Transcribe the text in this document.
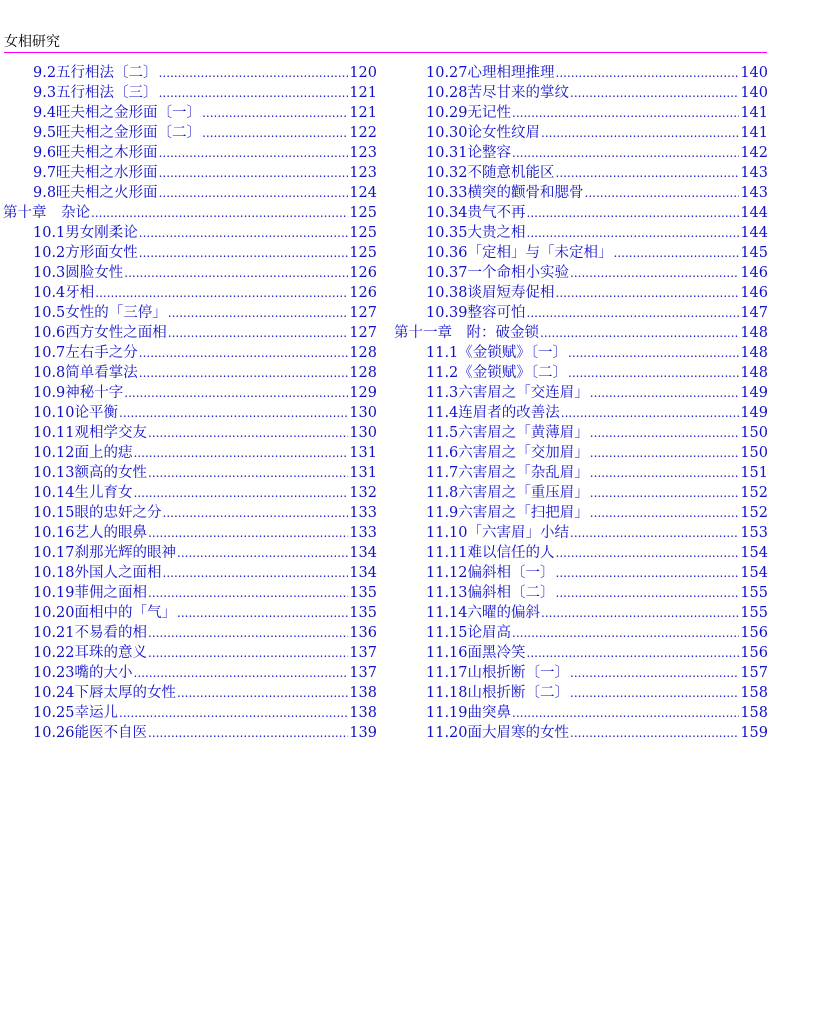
女相研究
9.2五行相法〔二〕 .....	120
9.3五行相法〔三〕 .....	121
9.4旺夫相之金形面〔一〕 .....	121
9.5旺夫相之金形面〔二〕 .....	122
9.6旺夫相之木形面 .....	123
9.7旺夫相之水形面 .....	123
9.8旺夫相之火形面 .....	124
第十章　杂论 .....	125
10.1男女刚柔论 .....	125
10.2方形面女性 .....	125
10.3圆脸女性 .....	126
10.4牙相 .....	126
10.5女性的「三停」 .....	127
10.6西方女性之面相 .....	127
10.7左右手之分 .....	128
10.8简单看掌法 .....	128
10.9神秘十字 .....	129
10.10论平衡 .....	130
10.11观相学交友 .....	130
10.12面上的痣 .....	131
10.13额高的女性 .....	131
10.14生儿育女 .....	132
10.15眼的忠奸之分 .....	133
10.16艺人的眼鼻 .....	133
10.17刹那光辉的眼神 .....	134
10.18外国人之面相 .....	134
10.19菲佣之面相 .....	135
10.20面相中的「气」 .....	135
10.21不易看的相 .....	136
10.22耳珠的意义 .....	137
10.23嘴的大小 .....	137
10.24下唇太厚的女性 .....	138
10.25幸运儿 .....	138
10.26能医不自医 .....	139
10.27心理相理推理 .....	140
10.28苦尽甘来的掌纹 .....	140
10.29无记性 .....	141
10.30论女性纹眉 .....	141
10.31论整容 .....	142
10.32不随意机能区 .....	143
10.33横突的颧骨和腮骨 .....	143
10.34贵气不再 .....	144
10.35大贵之相 .....	144
10.36「定相」与「未定相」 .....	145
10.37一个命相小实验 .....	146
10.38谈眉短寿促相 .....	146
10.39整容可怕 .....	147
第十一章　附：破金锁 .....	148
11.1《金锁赋》〔一〕 .....	148
11.2《金锁赋》〔二〕 .....	148
11.3六害眉之「交连眉」 .....	149
11.4连眉者的改善法 .....	149
11.5六害眉之「黄薄眉」 .....	150
11.6六害眉之「交加眉」 .....	150
11.7六害眉之「杂乱眉」 .....	151
11.8六害眉之「重压眉」 .....	152
11.9六害眉之「扫把眉」 .....	152
11.10「六害眉」小结 .....	153
11.11难以信任的人 .....	154
11.12偏斜相〔一〕 .....	154
11.13偏斜相〔二〕 .....	155
11.14六曜的偏斜 .....	155
11.15论眉高 .....	156
11.16面黑冷笑 .....	156
11.17山根折断〔一〕 .....	157
11.18山根折断〔二〕 .....	158
11.19曲突鼻 .....	158
11.20面大眉寒的女性 .....	159
